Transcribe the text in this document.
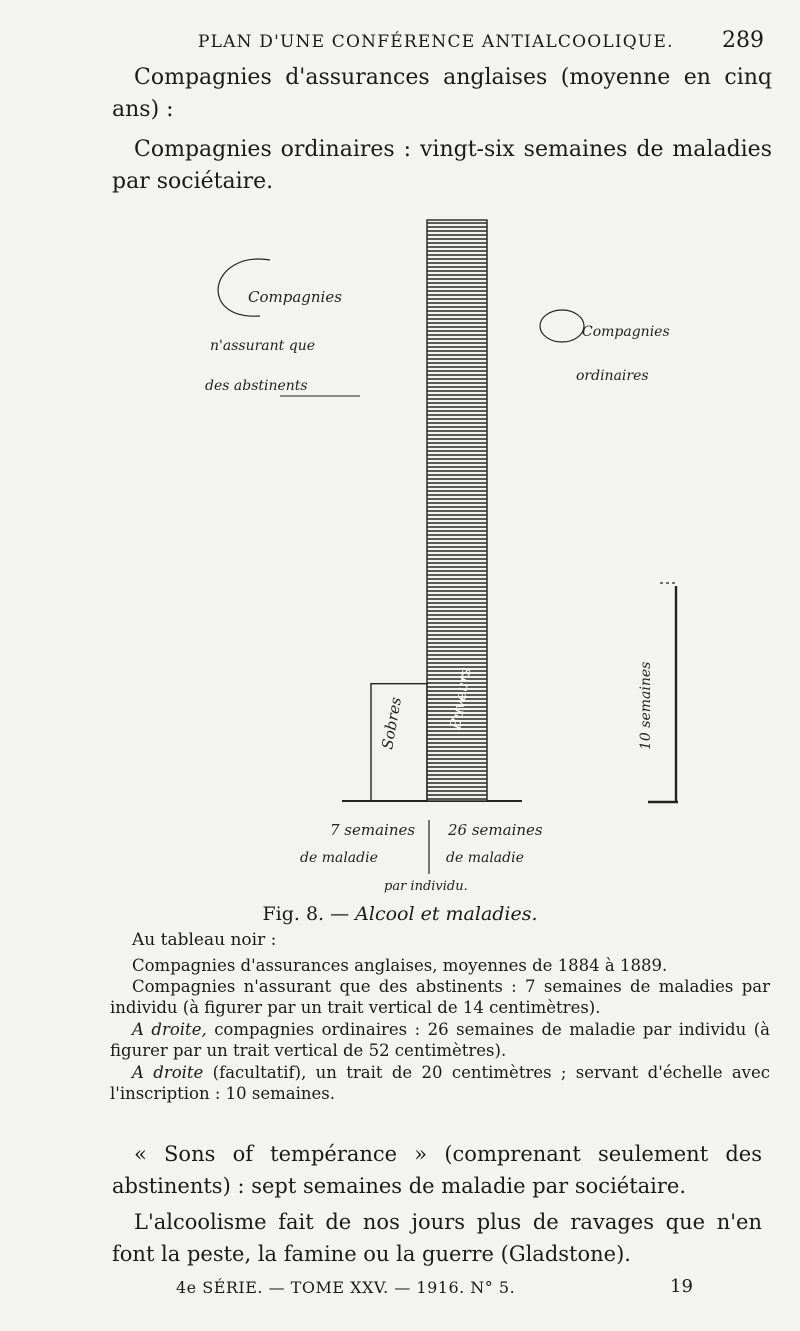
PLAN D'UNE CONFÉRENCE ANTIALCOOLIQUE. 289

Compagnies d'assurances anglaises (moyenne en cinq ans) :

Compagnies ordinaires : vingt-six semaines de maladies par sociétaire.

Sobres	Buveurs	10 semaines
Compagnies
n'assurant que
des abstinents
Compagnies
ordinaires
7 semaines
de maladie
26 semaines
de maladie
par individu.
Fig. 8. — Alcool et maladies.
Au tableau noir :

Compagnies d'assurances anglaises, moyennes de 1884 à 1889.

Compagnies n'assurant que des abstinents : 7 semaines de maladies par individu (à figurer par un trait vertical de 14 centimètres).

A droite, compagnies ordinaires : 26 semaines de maladie par individu (à figurer par un trait vertical de 52 centimètres).

A droite (facultatif), un trait de 20 centimètres ; servant d'échelle avec l'inscription : 10 semaines.

« Sons of tempérance » (comprenant seulement des abstinents) : sept semaines de maladie par sociétaire.

L'alcoolisme fait de nos jours plus de ravages que n'en font la peste, la famine ou la guerre (Gladstone).

4e SÉRIE. — TOME XXV. — 1916. N° 5.	19
